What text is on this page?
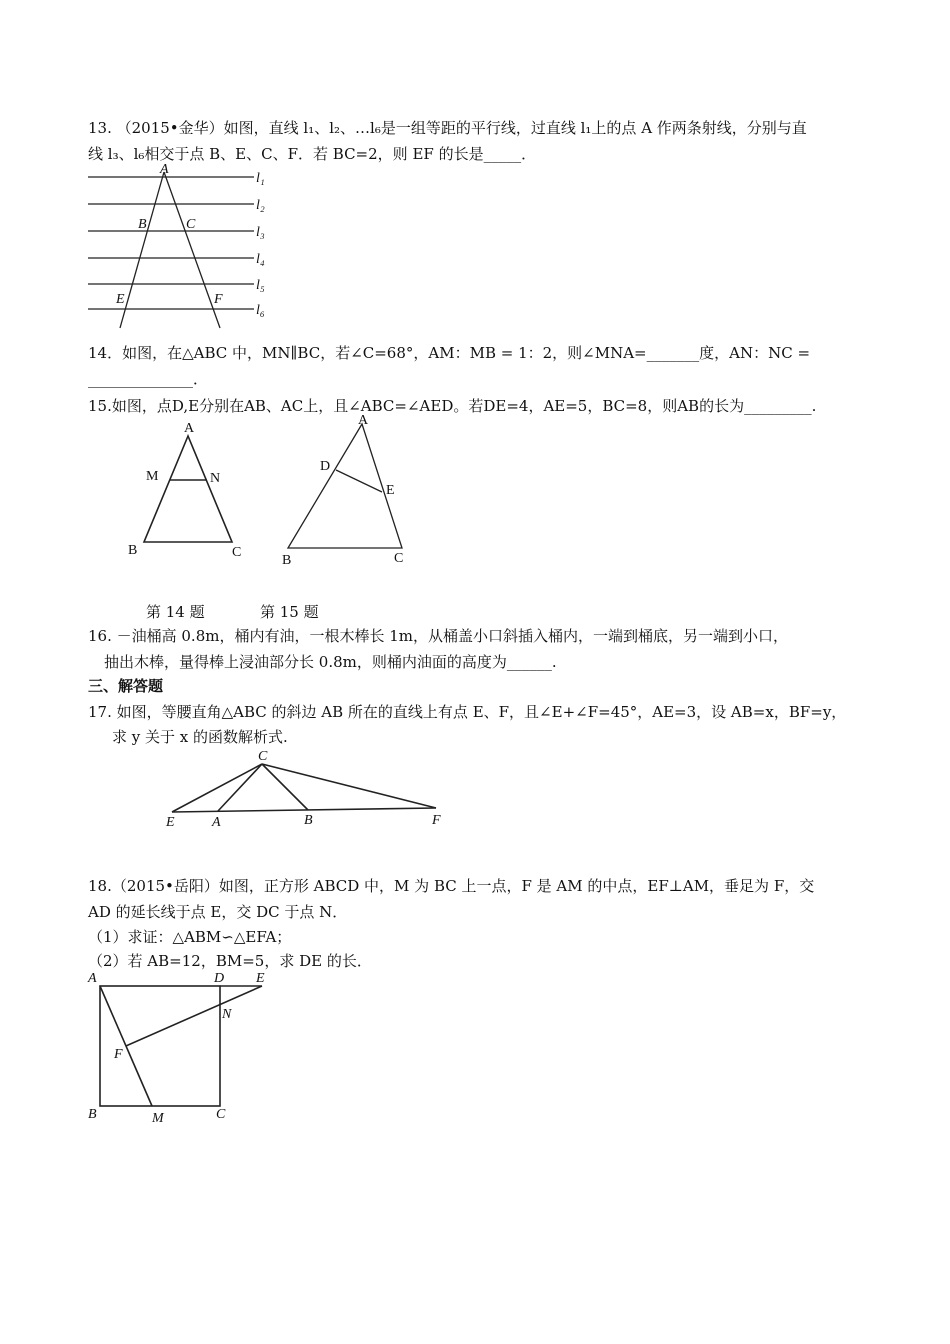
13. （2015•金华）如图，直线 l₁、l₂、…l₆是一组等距的平行线，过直线 l₁上的点 A 作两条射线，分别与直
线 l₃、l₆相交于点 B、E、C、F．若 BC=2，则 EF 的长是_____．
A
B	C
E	F
l₁
l₂
l₃
l₄
l₅
l₆
14．如图，在△ABC 中，MN∥BC，若∠C=68°，AM：MB = 1：2，则∠MNA=_______度，AN：NC =
______________．
15.如图，点D,E分别在AB、AC上，且∠ABC=∠AED。若DE=4，AE=5，BC=8，则AB的长为_________.
A
M	N
B	C
A
D
E
B	C
第 14 题	第 15 题
16. －油桶高 0.8m，桶内有油，一根木棒长 1m，从桶盖小口斜插入桶内，一端到桶底，另一端到小口，
抽出木棒，量得棒上浸油部分长 0.8m，则桶内油面的高度为______.
三、解答题
17. 如图，等腰直角△ABC 的斜边 AB 所在的直线上有点 E、F，且∠E+∠F=45°，AE=3，设 AB=x，BF=y，
求 y 关于 x 的函数解析式.
C
E	A	B	F
18.（2015•岳阳）如图，正方形 ABCD 中，M 为 BC 上一点，F 是 AM 的中点，EF⊥AM，垂足为 F，交
AD 的延长线于点 E，交 DC 于点 N．
（1）求证：△ABM∽△EFA；
（2）若 AB=12，BM=5，求 DE 的长．
A	D E
N
F
B	M	C
